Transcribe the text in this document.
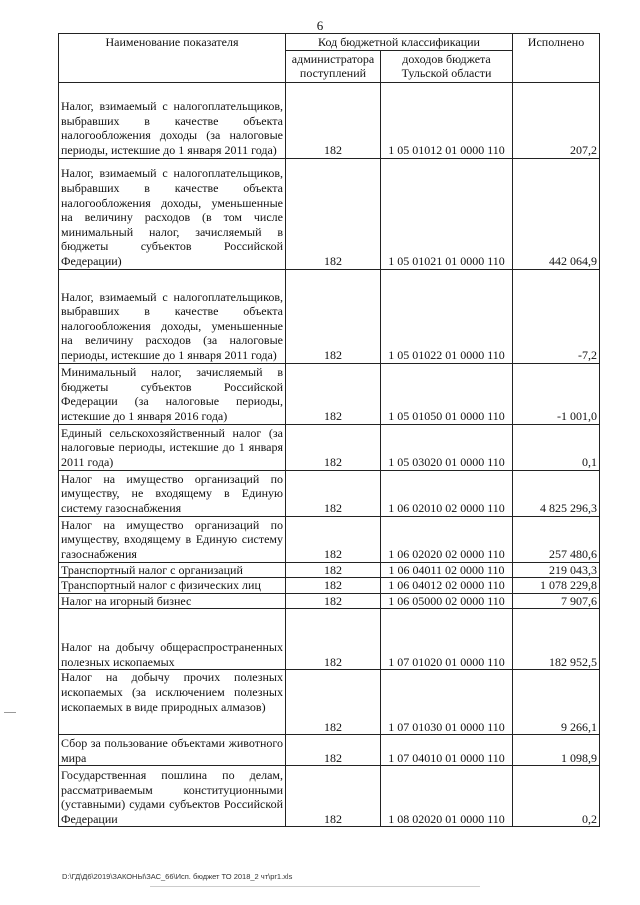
6
Наименование показателя	Код бюджетной классификации		Исполнено
	администратора поступлений	доходов бюджета Тульской области	
Налог, взимаемый с налогоплательщиков, выбравших в качестве объекта налогообложения доходы (за налоговые периоды, истекшие до 1 января 2011 года)	182	1 05 01012 01 0000 110	207,2
Налог, взимаемый с налогоплательщиков, выбравших в качестве объекта налогообложения доходы, уменьшенные на величину расходов (в том числе минимальный налог, зачисляемый в бюджеты субъектов Российской Федерации)	182	1 05 01021 01 0000 110	442 064,9
Налог, взимаемый с налогоплательщиков, выбравших в качестве объекта налогообложения доходы, уменьшенные на величину расходов (за налоговые периоды, истекшие до 1 января 2011 года)	182	1 05 01022 01 0000 110	-7,2
Минимальный налог, зачисляемый в бюджеты субъектов Российской Федерации (за налоговые периоды, истекшие до 1 января 2016 года)	182	1 05 01050 01 0000 110	-1 001,0
Единый сельскохозяйственный налог (за налоговые периоды, истекшие до 1 января 2011 года)	182	1 05 03020 01 0000 110	0,1
Налог на имущество организаций по имуществу, не входящему в Единую систему газоснабжения	182	1 06 02010 02 0000 110	4 825 296,3
Налог на имущество организаций по имуществу, входящему в Единую систему газоснабжения	182	1 06 02020 02 0000 110	257 480,6
Транспортный налог с организаций	182	1 06 04011 02 0000 110	219 043,3
Транспортный налог с физических лиц	182	1 06 04012 02 0000 110	1 078 229,8
Налог на игорный бизнес	182	1 06 05000 02 0000 110	7 907,6
Налог на добычу общераспространенных полезных ископаемых	182	1 07 01020 01 0000 110	182 952,5
Налог на добычу прочих полезных ископаемых (за исключением полезных ископаемых в виде природных алмазов)	182	1 07 01030 01 0000 110	9 266,1
Сбор за пользование объектами животного мира	182	1 07 04010 01 0000 110	1 098,9
Государственная пошлина по делам, рассматриваемым конституционными (уставными) судами субъектов Российской Федерации	182	1 08 02020 01 0000 110	0,2
D:\ГД\Д6\2019\ЗАКОНЫ\ЗАС_66\Исп. бюджет ТО 2018_2 чт\pr1.xls
